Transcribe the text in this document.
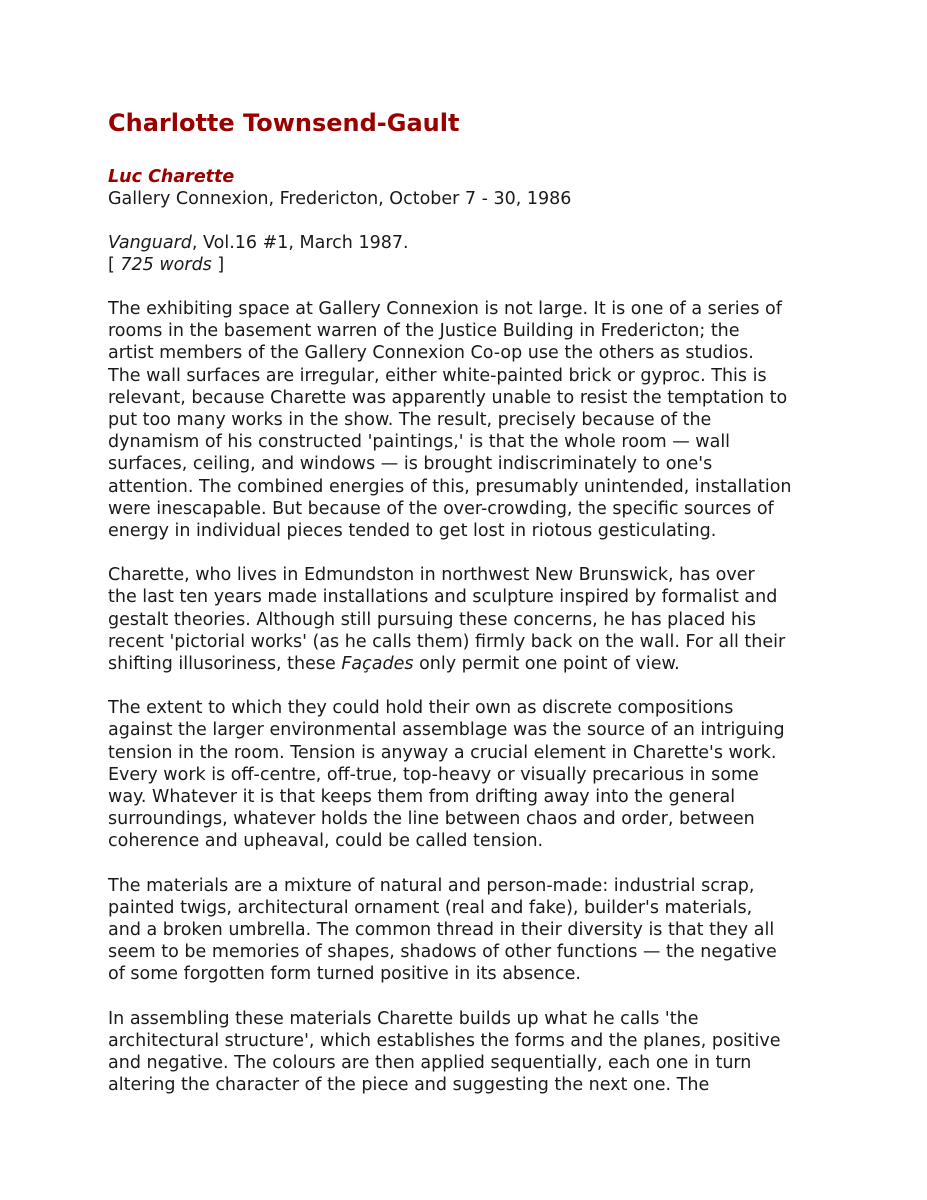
Charlotte Townsend-Gault
Luc Charette
Gallery Connexion, Fredericton, October 7 - 30, 1986
Vanguard, Vol.16 #1, March 1987.
[ 725 words ]

The exhibiting space at Gallery Connexion is not large. It is one of a series of
rooms in the basement warren of the Justice Building in Fredericton; the
artist members of the Gallery Connexion Co-op use the others as studios.
The wall surfaces are irregular, either white-painted brick or gyproc. This is
relevant, because Charette was apparently unable to resist the temptation to
put too many works in the show. The result, precisely because of the
dynamism of his constructed 'paintings,' is that the whole room — wall
surfaces, ceiling, and windows — is brought indiscriminately to one's
attention. The combined energies of this, presumably unintended, installation
were inescapable. But because of the over-crowding, the specific sources of
energy in individual pieces tended to get lost in riotous gesticulating.

Charette, who lives in Edmundston in northwest New Brunswick, has over
the last ten years made installations and sculpture inspired by formalist and
gestalt theories. Although still pursuing these concerns, he has placed his
recent 'pictorial works' (as he calls them) firmly back on the wall. For all their
shifting illusoriness, these Façades only permit one point of view.

The extent to which they could hold their own as discrete compositions
against the larger environmental assemblage was the source of an intriguing
tension in the room. Tension is anyway a crucial element in Charette's work.
Every work is off-centre, off-true, top-heavy or visually precarious in some
way. Whatever it is that keeps them from drifting away into the general
surroundings, whatever holds the line between chaos and order, between
coherence and upheaval, could be called tension.

The materials are a mixture of natural and person-made: industrial scrap,
painted twigs, architectural ornament (real and fake), builder's materials,
and a broken umbrella. The common thread in their diversity is that they all
seem to be memories of shapes, shadows of other functions — the negative
of some forgotten form turned positive in its absence.

In assembling these materials Charette builds up what he calls 'the
architectural structure', which establishes the forms and the planes, positive
and negative. The colours are then applied sequentially, each one in turn
altering the character of the piece and suggesting the next one. The
